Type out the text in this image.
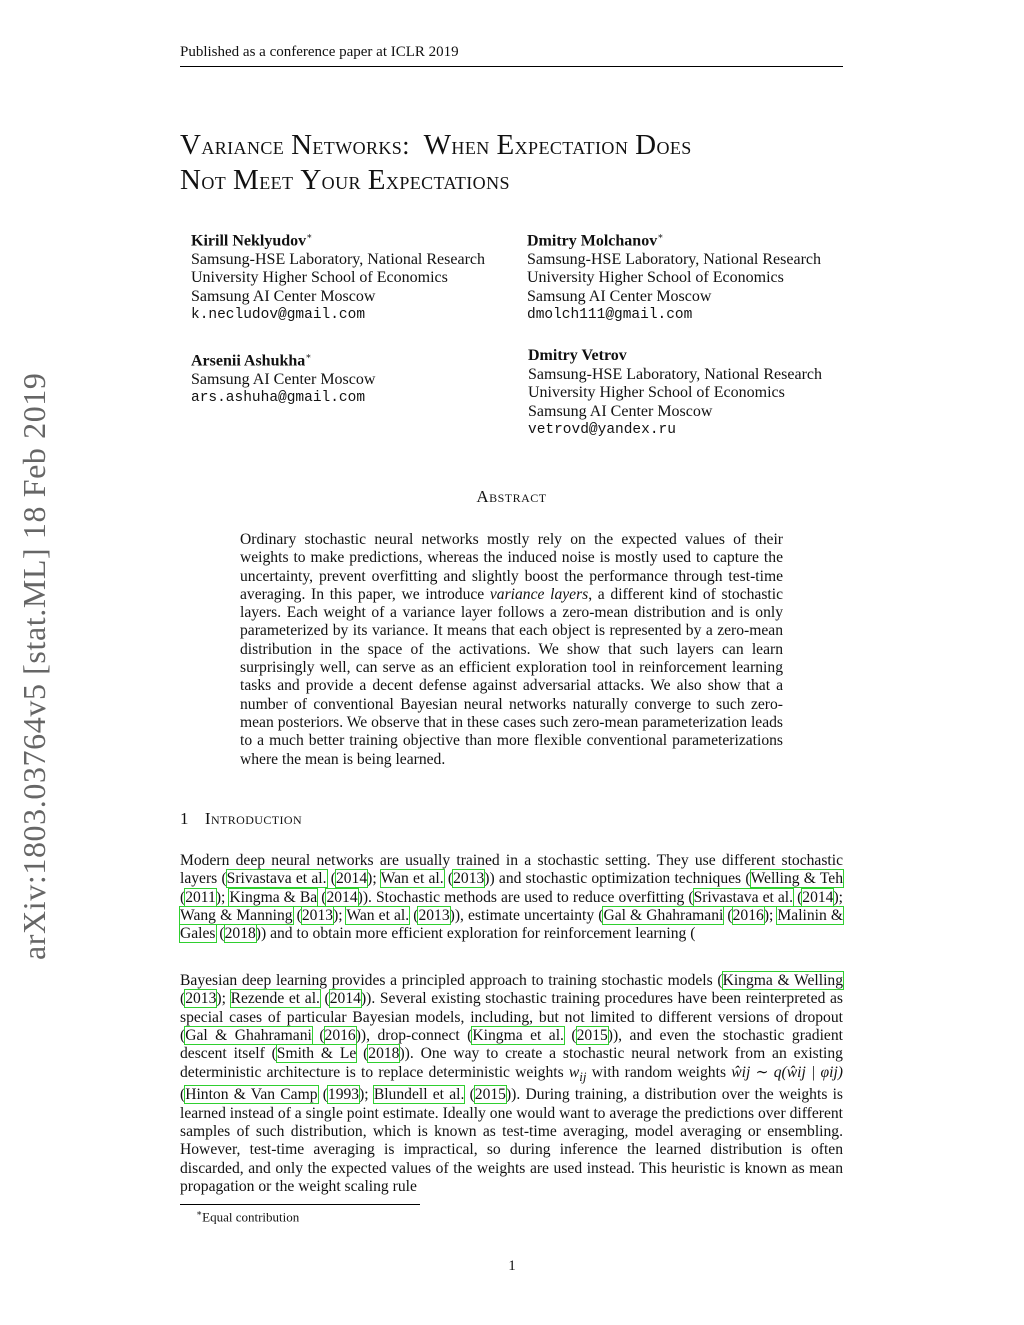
Published as a conference paper at ICLR 2019
arXiv:1803.03764v5 [stat.ML] 18 Feb 2019
Variance Networks: When Expectation Does
Not Meet Your Expectations
Kirill Neklyudov∗
Samsung-HSE Laboratory, National Research
University Higher School of Economics
Samsung AI Center Moscow
k.necludov@gmail.com
Dmitry Molchanov∗
Samsung-HSE Laboratory, National Research
University Higher School of Economics
Samsung AI Center Moscow
dmolch111@gmail.com
Arsenii Ashukha∗
Samsung AI Center Moscow
ars.ashuha@gmail.com
Dmitry Vetrov
Samsung-HSE Laboratory, National Research
University Higher School of Economics
Samsung AI Center Moscow
vetrovd@yandex.ru
Abstract
Ordinary stochastic neural networks mostly rely on the expected values of their weights to make predictions, whereas the induced noise is mostly used to capture the uncertainty, prevent overfitting and slightly boost the performance through test-time averaging. In this paper, we introduce variance layers, a different kind of stochastic layers. Each weight of a variance layer follows a zero-mean distribution and is only parameterized by its variance. It means that each object is represented by a zero-mean distribution in the space of the activations. We show that such layers can learn surprisingly well, can serve as an efficient exploration tool in reinforcement learning tasks and provide a decent defense against adversarial attacks. We also show that a number of conventional Bayesian neural networks naturally converge to such zero-mean posteriors. We observe that in these cases such zero-mean parameterization leads to a much better training objective than more flexible conventional parameterizations where the mean is being learned.
1 Introduction
Modern deep neural networks are usually trained in a stochastic setting. They use different stochastic layers (Srivastava et al. (2014); Wan et al. (2013)) and stochastic optimization techniques (Welling & Teh (2011); Kingma & Ba (2014)). Stochastic methods are used to reduce overfitting (Srivastava et al. (2014); Wang & Manning (2013); Wan et al. (2013)), estimate uncertainty (Gal & Ghahramani (2016); Malinin & Gales (2018)) and to obtain more efficient exploration for reinforcement learning (
Bayesian deep learning provides a principled approach to training stochastic models (Kingma & Welling (2013); Rezende et al. (2014)). Several existing stochastic training procedures have been reinterpreted as special cases of particular Bayesian models, including, but not limited to different versions of dropout (Gal & Ghahramani (2016)), drop-connect (Kingma et al. (2015)), and even the stochastic gradient descent itself (Smith & Le (2018)). One way to create a stochastic neural network from an existing deterministic architecture is to replace deterministic weights $w_{ij}$ with random weights ŵij ∼ q(ŵij | φij) (Hinton & Van Camp (1993); Blundell et al. (2015)). During training, a distribution over the weights is learned instead of a single point estimate. Ideally one would want to average the predictions over different samples of such distribution, which is known as test-time averaging, model averaging or ensembling. However, test-time averaging is impractical, so during inference the learned distribution is often discarded, and only the expected values of the weights are used instead. This heuristic is known as mean propagation or the weight scaling rule
∗Equal contribution
1
